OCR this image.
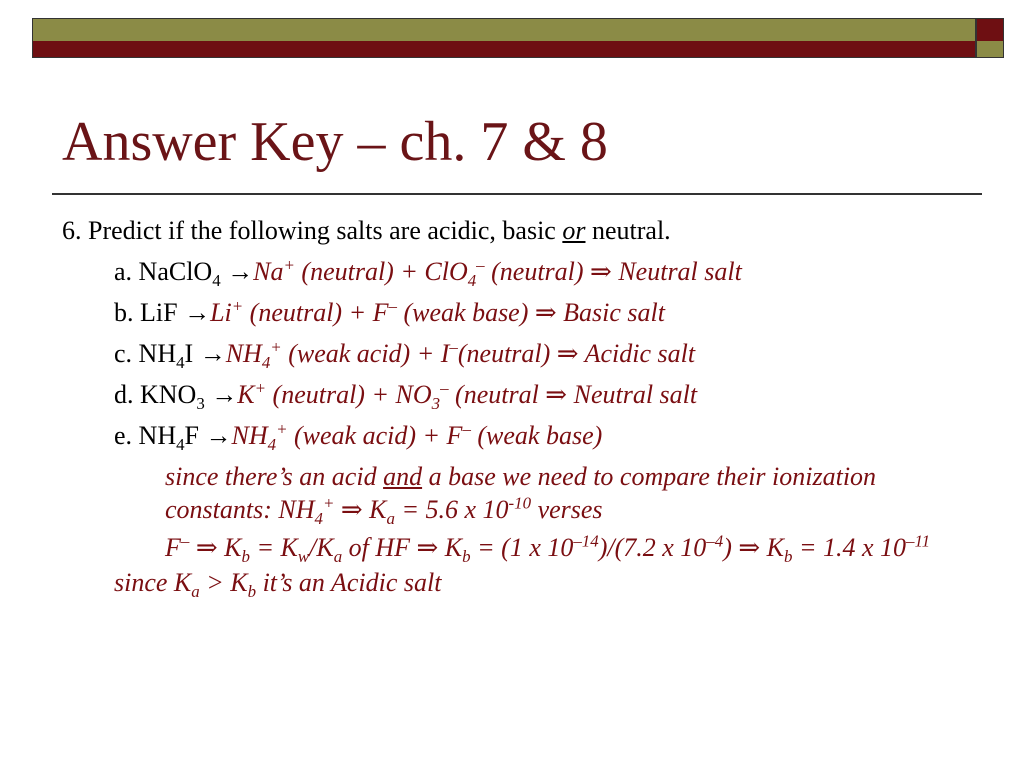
Answer Key – ch. 7 & 8
6. Predict if the following salts are acidic, basic or neutral.
a. NaClO$_4$ →Na+ (neutral) + ClO$_4$– (neutral) ⇒ Neutral salt
b. LiF →Li+ (neutral) + F– (weak base) ⇒ Basic salt
c. $NH_4I \to NH_4^+$ (weak acid) + I–(neutral) ⇒ Acidic salt
d. $KNO_3 \to K^+$ (neutral) + $NO_3^-$ (neutral ⇒ Neutral salt
e. $NH_4F \to NH_4^+$ (weak acid) + F– (weak base)
since there’s an acid and a base we need to compare their ionization constants: $NH_4^+$ ⇒ $K_a = 5.6$ x $10^{-10}$ verses
F– ⇒ $K_b = K_w/K_a$ of HF ⇒ $K_b = (1$ x $10^{-14})/(7.2$ x $10^{-4}$) ⇒ $K_b = 1.4$ x $10^{-11}$ since $K_a > K_b$ it’s an Acidic salt
